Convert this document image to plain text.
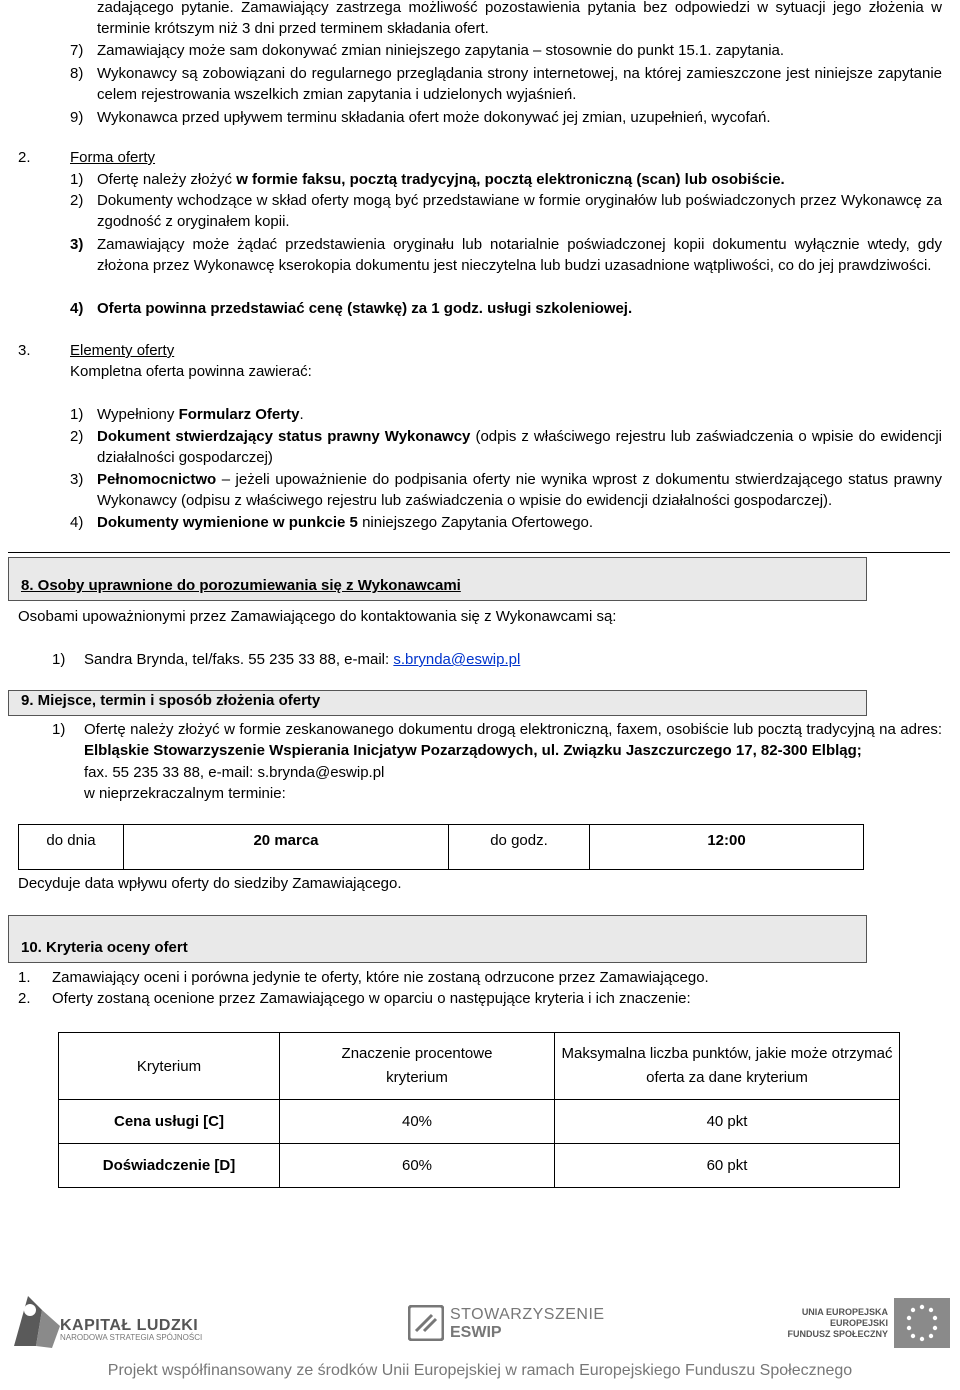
zadającego pytanie. Zamawiający zastrzega możliwość pozostawienia pytania bez odpowiedzi w sytuacji jego złożenia w terminie krótszym niż 3 dni przed terminem składania ofert.

7) Zamawiający może sam dokonywać zmian niniejszego zapytania – stosownie do punkt 15.1. zapytania.

8) Wykonawcy są zobowiązani do regularnego przeglądania strony internetowej, na której zamieszczone jest niniejsze zapytanie celem rejestrowania wszelkich zmian zapytania i udzielonych wyjaśnień.

9) Wykonawca przed upływem terminu składania ofert może dokonywać jej zmian, uzupełnień, wycofań.

2.	Forma oferty
1) Ofertę należy złożyć w formie faksu, pocztą tradycyjną, pocztą elektroniczną (scan) lub osobiście.

2) Dokumenty wchodzące w skład oferty mogą być przedstawiane w formie oryginałów lub poświadczonych przez Wykonawcę za zgodność z oryginałem kopii.

3) Zamawiający może żądać przedstawienia oryginału lub notarialnie poświadczonej kopii dokumentu wyłącznie wtedy, gdy złożona przez Wykonawcę kserokopia dokumentu jest nieczytelna lub budzi uzasadnione wątpliwości, co do jej prawdziwości.

4) Oferta powinna przedstawiać cenę (stawkę) za 1 godz. usługi szkoleniowej.

3.	Elementy oferty
Kompletna oferta powinna zawierać:
1) Wypełniony Formularz Oferty.

2) Dokument stwierdzający status prawny Wykonawcy (odpis z właściwego rejestru lub zaświadczenia o wpisie do ewidencji działalności gospodarczej)

3) Pełnomocnictwo – jeżeli upoważnienie do podpisania oferty nie wynika wprost z dokumentu stwierdzającego status prawny Wykonawcy (odpisu z właściwego rejestru lub zaświadczenia o wpisie do ewidencji działalności gospodarczej).

4) Dokumenty wymienione w punkcie 5 niniejszego Zapytania Ofertowego.

8. Osoby uprawnione do porozumiewania się z Wykonawcami
Osobami upoważnionymi przez Zamawiającego do kontaktowania się z Wykonawcami są:
1) Sandra Brynda, tel/faks. 55 235 33 88, e-mail: s.brynda@eswip.pl
9. Miejsce, termin i sposób złożenia oferty
1) Ofertę należy złożyć w formie zeskanowanego dokumentu drogą elektroniczną, faxem, osobiście lub pocztą tradycyjną na adres: Elbląskie Stowarzyszenie Wspierania Inicjatyw Pozarządowych, ul. Związku Jaszczurczego 17, 82-300 Elbląg;

fax. 55 235 33 88, e-mail: s.brynda@eswip.pl
w nieprzekraczalnym terminie:
do dnia	20 marca	do godz.	12:00
Decyduje data wpływu oferty do siedziby Zamawiającego.
10. Kryteria oceny ofert
1. Zamawiający oceni i porówna jedynie te oferty, które nie zostaną odrzucone przez Zamawiającego.
2. Oferty zostaną ocenione przez Zamawiającego w oparciu o następujące kryteria i ich znaczenie:
Kryterium	Znaczenie procentowe kryterium	Maksymalna liczba punktów, jakie może otrzymać oferta za dane kryterium
Cena usługi [C]	40%	40 pkt
Doświadczenie [D]	60%	60 pkt
KAPITAŁ LUDZKI
NARODOWA STRATEGIA SPÓJNOŚCI
STOWARZYSZENIE
ESWIP
UNIA EUROPEJSKA
EUROPEJSKI
FUNDUSZ SPOŁECZNY
Projekt współfinansowany ze środków Unii Europejskiej w ramach Europejskiego Funduszu Społecznego
